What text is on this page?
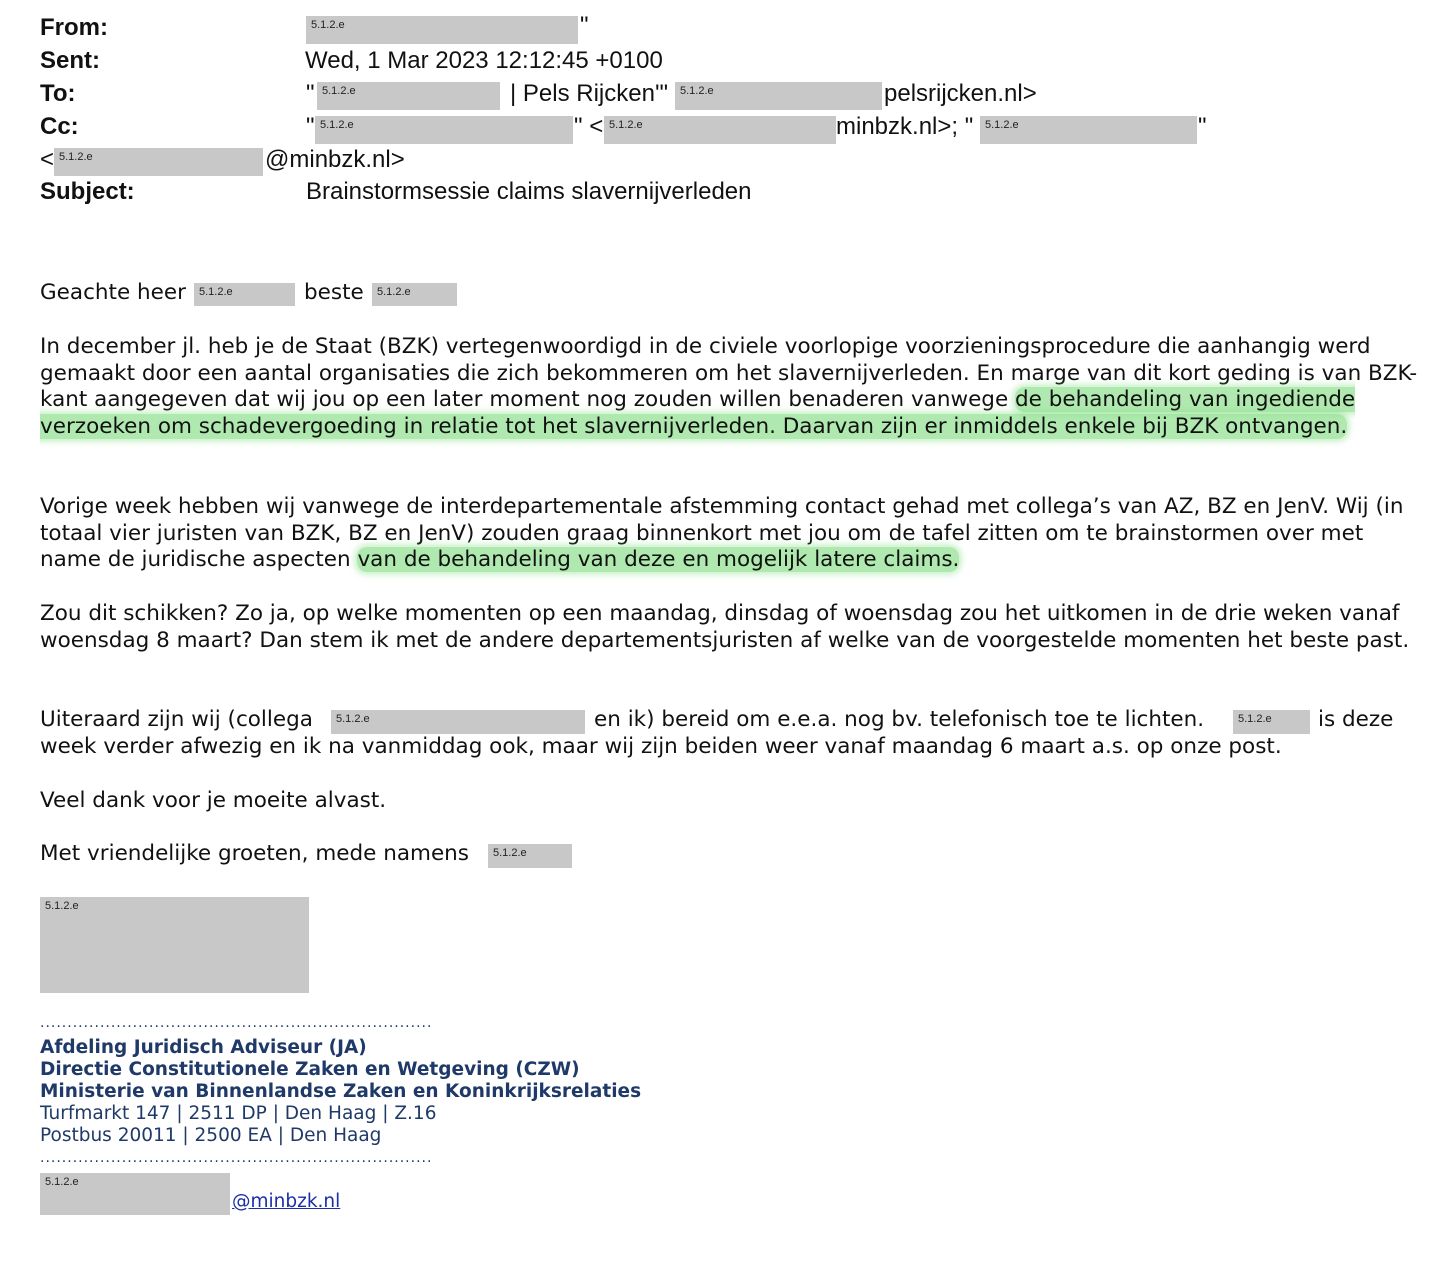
From:	5.1.2.e	"
Sent:	Wed, 1 Mar 2023 12:12:45 +0100
To:	" 5.1.2.e	| Pels Rijcken'"	5.1.2.e	pelsrijcken.nl>
Cc:	" 5.1.2.e	" < 5.1.2.e	minbzk.nl>; "	5.1.2.e	"
< 5.1.2.e	@minbzk.nl>
Subject:	Brainstormsessie claims slavernijverleden
Geachte heer	5.1.2.e	beste	5.1.2.e
In december jl. heb je de Staat (BZK) vertegenwoordigd in de civiele voorlopige voorzieningsprocedure die aanhangig werd gemaakt door een aantal organisaties die zich bekommeren om het slavernijverleden. En marge van dit kort geding is van BZK-kant aangegeven dat wij jou op een later moment nog zouden willen benaderen vanwege de behandeling van ingediende verzoeken om schadevergoeding in relatie tot het slavernijverleden. Daarvan zijn er inmiddels enkele bij BZK ontvangen.
Vorige week hebben wij vanwege de interdepartementale afstemming contact gehad met collega’s van AZ, BZ en JenV. Wij (in totaal vier juristen van BZK, BZ en JenV) zouden graag binnenkort met jou om de tafel zitten om te brainstormen over met name de juridische aspecten van de behandeling van deze en mogelijk latere claims.
Zou dit schikken? Zo ja, op welke momenten op een maandag, dinsdag of woensdag zou het uitkomen in de drie weken vanaf woensdag 8 maart? Dan stem ik met de andere departementsjuristen af welke van de voorgestelde momenten het beste past.
Uiteraard zijn wij (collega	5.1.2.e	en ik) bereid om e.e.a. nog bv. telefonisch toe te lichten.	5.1.2.e	is deze
week verder afwezig en ik na vanmiddag ook, maar wij zijn beiden weer vanaf maandag 6 maart a.s. op onze post.
Veel dank voor je moeite alvast.
Met vriendelijke groeten, mede namens	5.1.2.e
5.1.2.e
........................................................................
Afdeling Juridisch Adviseur (JA)
Directie Constitutionele Zaken en Wetgeving (CZW)
Ministerie van Binnenlandse Zaken en Koninkrijksrelaties
Turfmarkt 147 | 2511 DP | Den Haag | Z.16
Postbus 20011 | 2500 EA | Den Haag
........................................................................
5.1.2.e
@minbzk.nl
